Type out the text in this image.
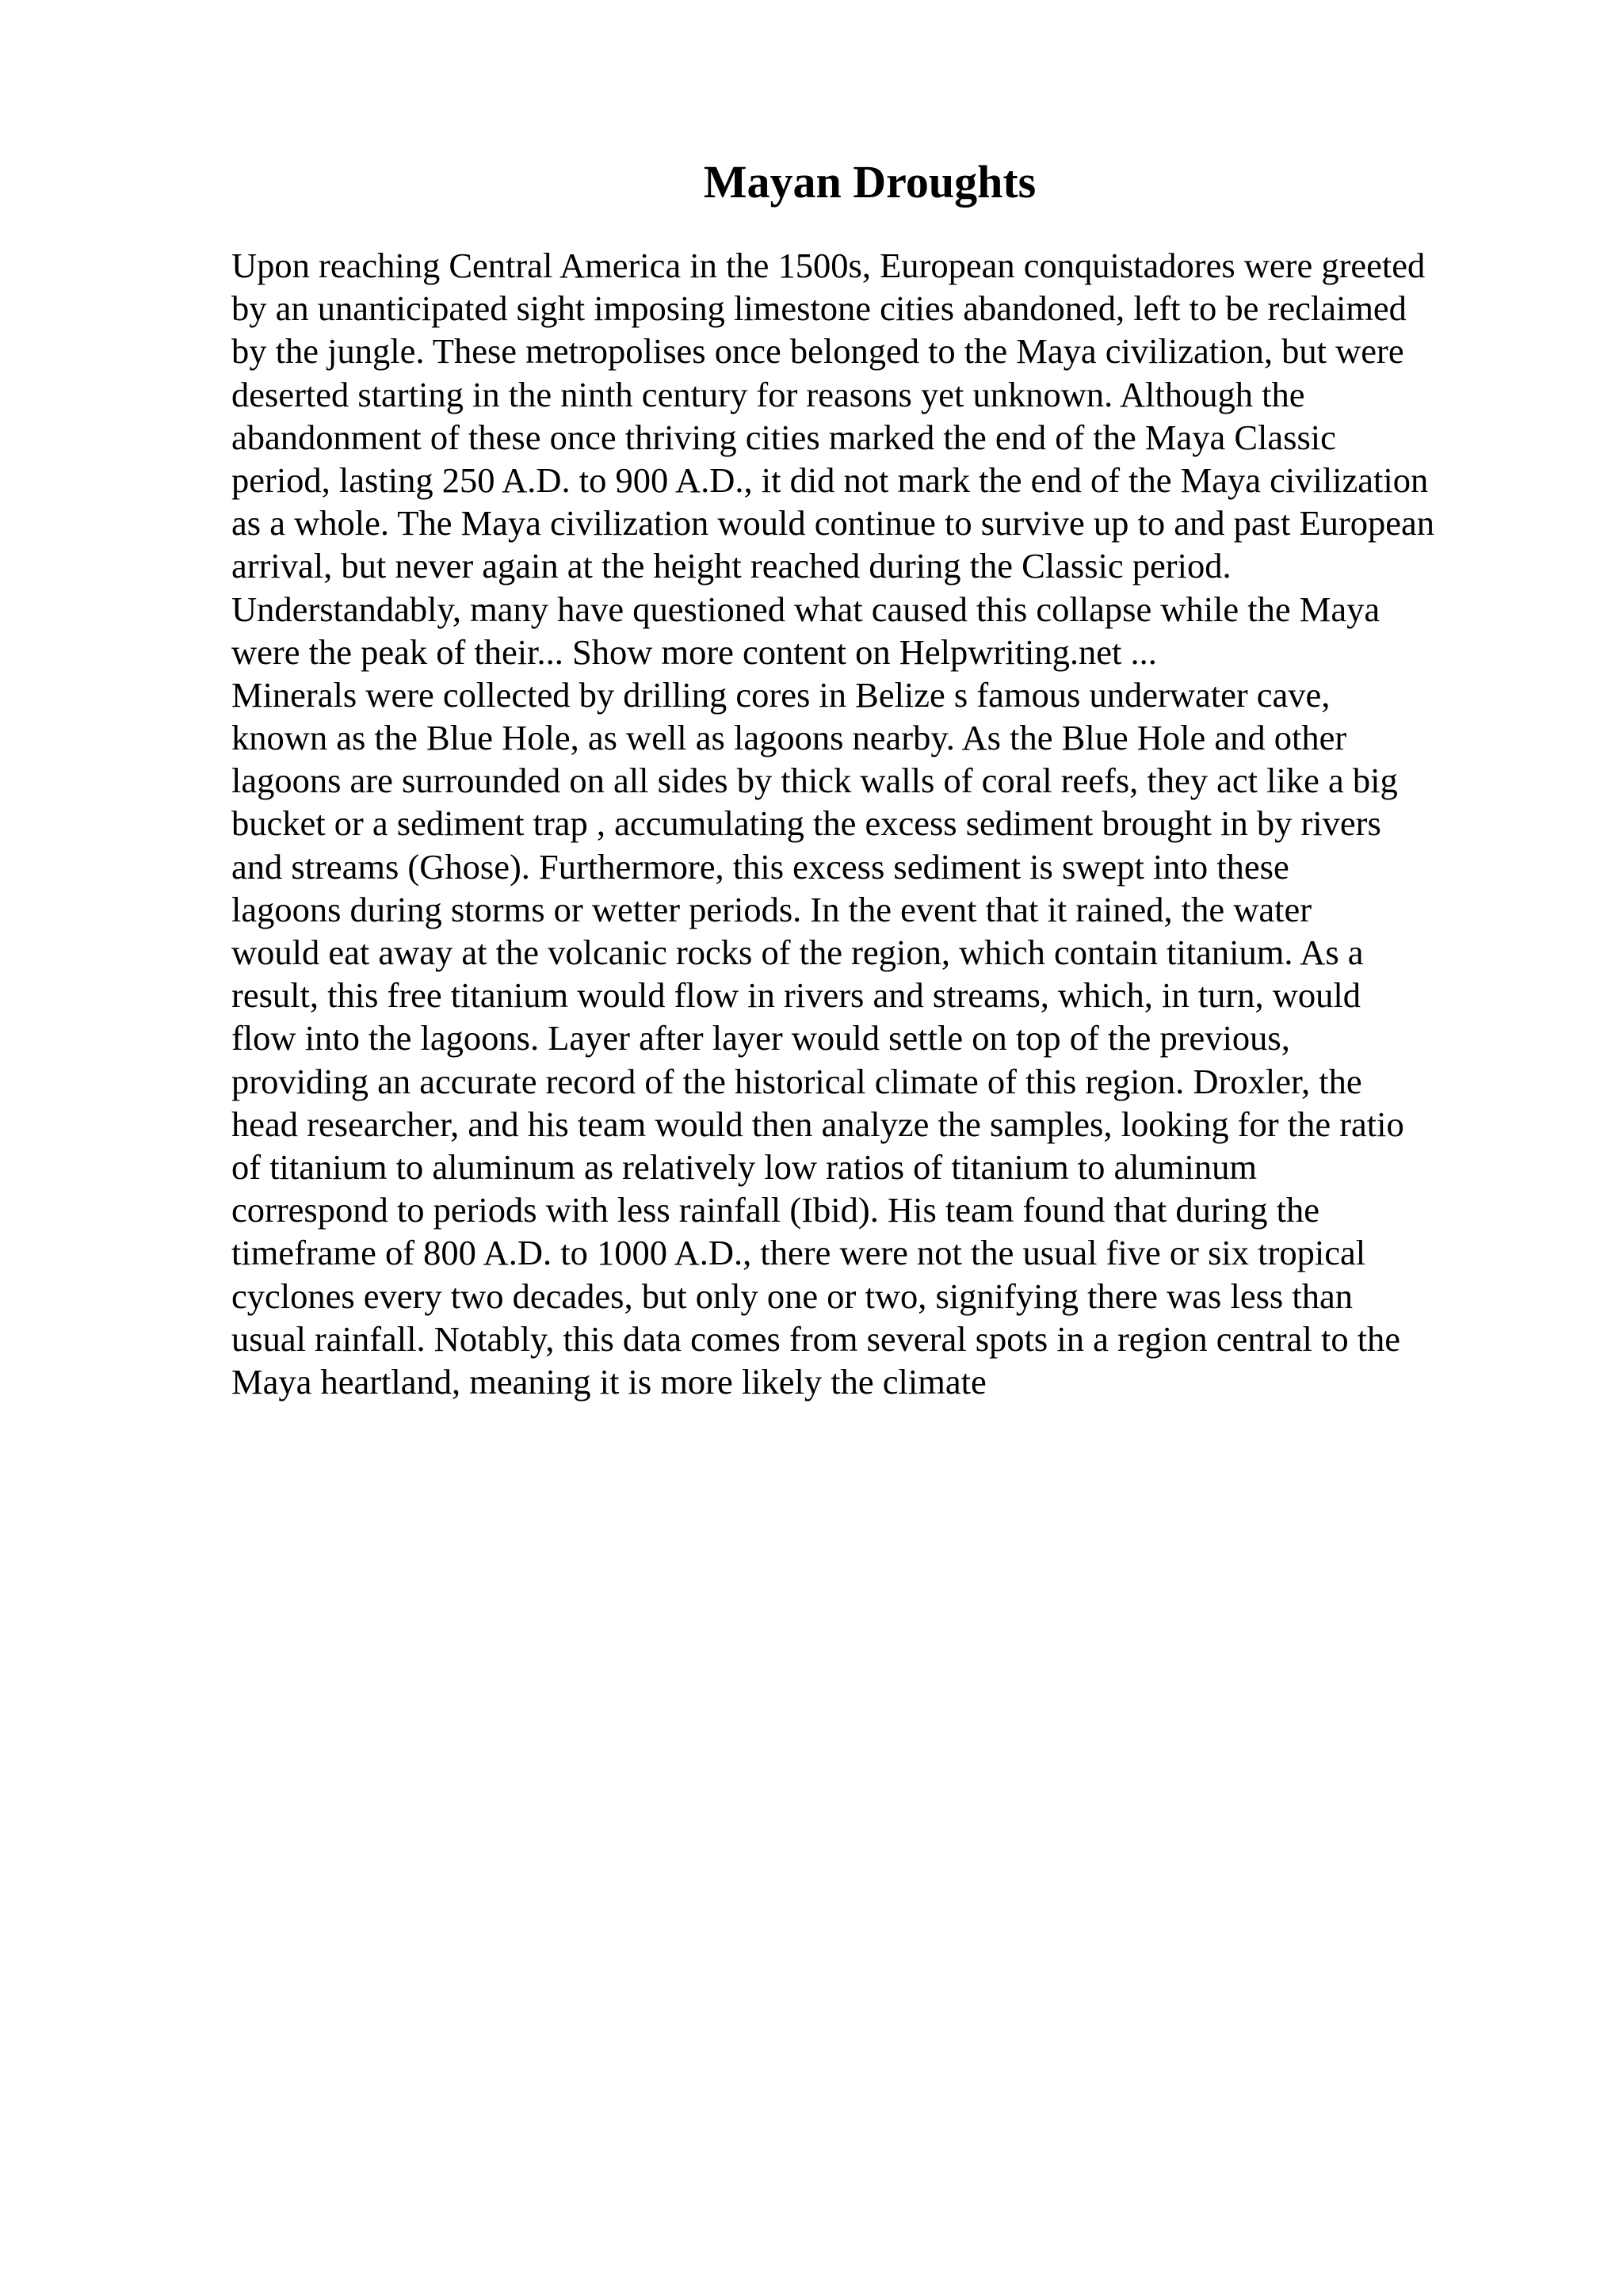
Mayan Droughts
Upon reaching Central America in the 1500s, European conquistadores were greeted
by an unanticipated sight imposing limestone cities abandoned, left to be reclaimed
by the jungle. These metropolises once belonged to the Maya civilization, but were
deserted starting in the ninth century for reasons yet unknown. Although the
abandonment of these once thriving cities marked the end of the Maya Classic
period, lasting 250 A.D. to 900 A.D., it did not mark the end of the Maya civilization
as a whole. The Maya civilization would continue to survive up to and past European
arrival, but never again at the height reached during the Classic period.
Understandably, many have questioned what caused this collapse while the Maya
were the peak of their... Show more content on Helpwriting.net ...
Minerals were collected by drilling cores in Belize s famous underwater cave,
known as the Blue Hole, as well as lagoons nearby. As the Blue Hole and other
lagoons are surrounded on all sides by thick walls of coral reefs, they act like a big
bucket or a sediment trap , accumulating the excess sediment brought in by rivers
and streams (Ghose). Furthermore, this excess sediment is swept into these
lagoons during storms or wetter periods. In the event that it rained, the water
would eat away at the volcanic rocks of the region, which contain titanium. As a
result, this free titanium would flow in rivers and streams, which, in turn, would
flow into the lagoons. Layer after layer would settle on top of the previous,
providing an accurate record of the historical climate of this region. Droxler, the
head researcher, and his team would then analyze the samples, looking for the ratio
of titanium to aluminum as relatively low ratios of titanium to aluminum
correspond to periods with less rainfall (Ibid). His team found that during the
timeframe of 800 A.D. to 1000 A.D., there were not the usual five or six tropical
cyclones every two decades, but only one or two, signifying there was less than
usual rainfall. Notably, this data comes from several spots in a region central to the
Maya heartland, meaning it is more likely the climate
